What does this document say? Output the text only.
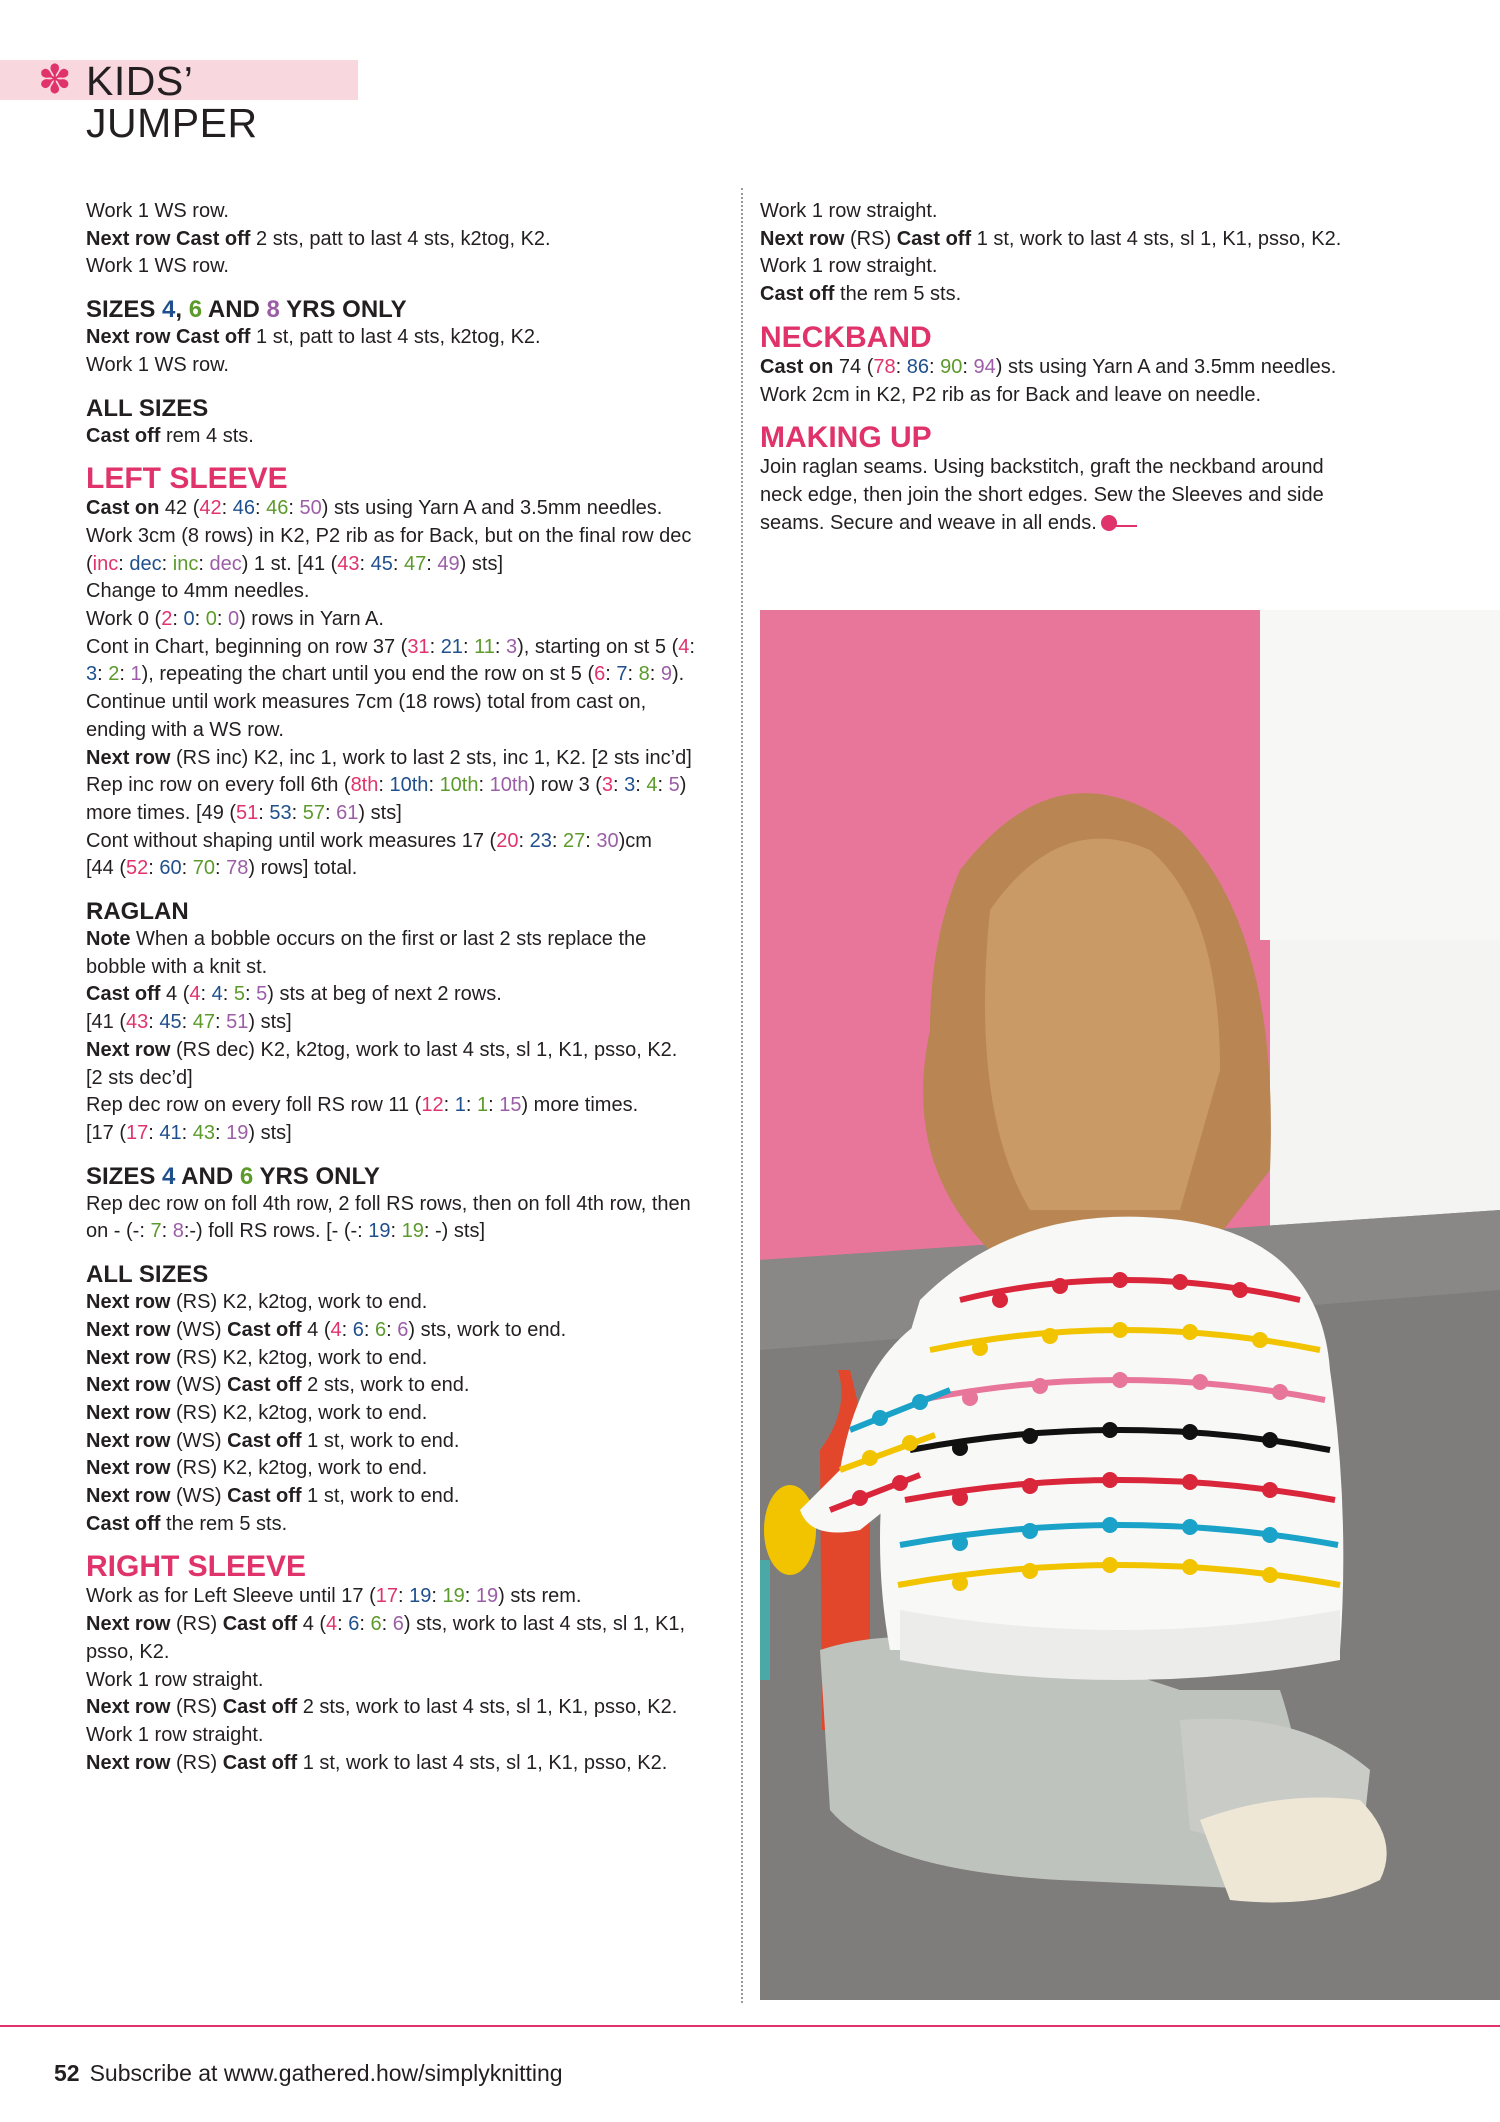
✽ KIDS’ JUMPER
Work 1 WS row.
Next row Cast off 2 sts, patt to last 4 sts, k2tog, K2.
Work 1 WS row.
SIZES 4, 6 AND 8 YRS ONLY
Next row Cast off 1 st, patt to last 4 sts, k2tog, K2.
Work 1 WS row.
ALL SIZES
Cast off rem 4 sts.
LEFT SLEEVE
Cast on 42 (42: 46: 46: 50) sts using Yarn A and 3.5mm needles.
Work 3cm (8 rows) in K2, P2 rib as for Back, but on the final row dec
(inc: dec: inc: dec) 1 st. [41 (43: 45: 47: 49) sts]
Change to 4mm needles.
Work 0 (2: 0: 0: 0) rows in Yarn A.
Cont in Chart, beginning on row 37 (31: 21: 11: 3), starting on st 5 (4:
3: 2: 1), repeating the chart until you end the row on st 5 (6: 7: 8: 9).
Continue until work measures 7cm (18 rows) total from cast on,
ending with a WS row.
Next row (RS inc) K2, inc 1, work to last 2 sts, inc 1, K2. [2 sts inc’d]
Rep inc row on every foll 6th (8th: 10th: 10th: 10th) row 3 (3: 3: 4: 5)
more times. [49 (51: 53: 57: 61) sts]
Cont without shaping until work measures 17 (20: 23: 27: 30)cm
[44 (52: 60: 70: 78) rows] total.
RAGLAN
Note When a bobble occurs on the first or last 2 sts replace the
bobble with a knit st.
Cast off 4 (4: 4: 5: 5) sts at beg of next 2 rows.
[41 (43: 45: 47: 51) sts]
Next row (RS dec) K2, k2tog, work to last 4 sts, sl 1, K1, psso, K2.
[2 sts dec’d]
Rep dec row on every foll RS row 11 (12: 1: 1: 15) more times.
[17 (17: 41: 43: 19) sts]
SIZES 4 AND 6 YRS ONLY
Rep dec row on foll 4th row, 2 foll RS rows, then on foll 4th row, then
on - (-: 7: 8:-) foll RS rows. [- (-: 19: 19: -) sts]
ALL SIZES
Next row (RS) K2, k2tog, work to end.
Next row (WS) Cast off 4 (4: 6: 6: 6) sts, work to end.
Next row (RS) K2, k2tog, work to end.
Next row (WS) Cast off 2 sts, work to end.
Next row (RS) K2, k2tog, work to end.
Next row (WS) Cast off 1 st, work to end.
Next row (RS) K2, k2tog, work to end.
Next row (WS) Cast off 1 st, work to end.
Cast off the rem 5 sts.
RIGHT SLEEVE
Work as for Left Sleeve until 17 (17: 19: 19: 19) sts rem.
Next row (RS) Cast off 4 (4: 6: 6: 6) sts, work to last 4 sts, sl 1, K1,
psso, K2.
Work 1 row straight.
Next row (RS) Cast off 2 sts, work to last 4 sts, sl 1, K1, psso, K2.
Work 1 row straight.
Next row (RS) Cast off 1 st, work to last 4 sts, sl 1, K1, psso, K2.
Work 1 row straight.
Next row (RS) Cast off 1 st, work to last 4 sts, sl 1, K1, psso, K2.
Work 1 row straight.
Cast off the rem 5 sts.
NECKBAND
Cast on 74 (78: 86: 90: 94) sts using Yarn A and 3.5mm needles.
Work 2cm in K2, P2 rib as for Back and leave on needle.
MAKING UP
Join raglan seams. Using backstitch, graft the neckband around
neck edge, then join the short edges. Sew the Sleeves and side
seams. Secure and weave in all ends.
52 Subscribe at www.gathered.how/simplyknitting
